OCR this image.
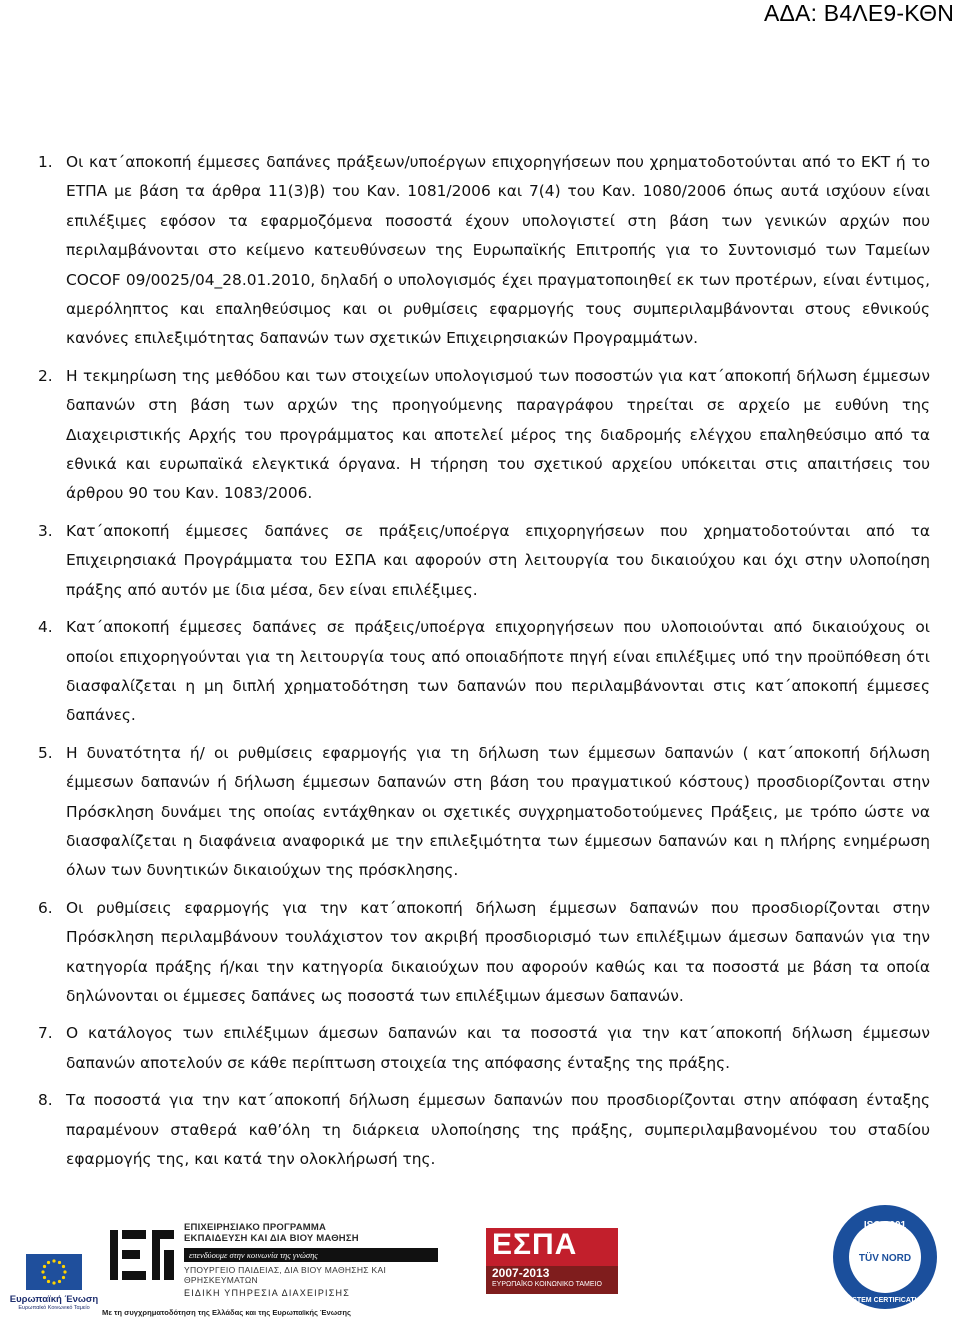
ΑΔΑ: Β4ΛΕ9-ΚΘΝ
1. Οι κατ΄αποκοπή έμμεσες δαπάνες πράξεων/υποέργων επιχορηγήσεων που χρηματοδοτούνται από το ΕΚΤ ή το ΕΤΠΑ με βάση τα άρθρα 11(3)β) του Καν. 1081/2006 και 7(4) του Καν. 1080/2006 όπως αυτά ισχύουν είναι επιλέξιμες εφόσον τα εφαρμοζόμενα ποσοστά έχουν υπολογιστεί στη βάση των γενικών αρχών που περιλαμβάνονται στο κείμενο κατευθύνσεων της Ευρωπαϊκής Επιτροπής για το Συντονισμό των Ταμείων COCOF 09/0025/04_28.01.2010, δηλαδή ο υπολογισμός έχει πραγματοποιηθεί εκ των προτέρων, είναι έντιμος, αμερόληπτος και επαληθεύσιμος και οι ρυθμίσεις εφαρμογής τους συμπεριλαμβάνονται στους εθνικούς κανόνες επιλεξιμότητας δαπανών των σχετικών Επιχειρησιακών Προγραμμάτων.
2. Η τεκμηρίωση της μεθόδου και των στοιχείων υπολογισμού των ποσοστών για κατ΄αποκοπή δήλωση έμμεσων δαπανών στη βάση των αρχών της προηγούμενης παραγράφου τηρείται σε αρχείο με ευθύνη της Διαχειριστικής Αρχής του προγράμματος και αποτελεί μέρος της διαδρομής ελέγχου επαληθεύσιμο από τα εθνικά και ευρωπαϊκά ελεγκτικά όργανα. Η τήρηση του σχετικού αρχείου υπόκειται στις απαιτήσεις του άρθρου 90 του Καν. 1083/2006.
3. Κατ΄αποκοπή έμμεσες δαπάνες σε πράξεις/υποέργα επιχορηγήσεων που χρηματοδοτούνται από τα Επιχειρησιακά Προγράμματα του ΕΣΠΑ και αφορούν στη λειτουργία του δικαιούχου και όχι στην υλοποίηση πράξης από αυτόν με ίδια μέσα, δεν είναι επιλέξιμες.
4. Κατ΄αποκοπή έμμεσες δαπάνες σε πράξεις/υποέργα επιχορηγήσεων που υλοποιούνται από δικαιούχους οι οποίοι επιχορηγούνται για τη λειτουργία τους από οποιαδήποτε πηγή είναι επιλέξιμες υπό την προϋπόθεση ότι διασφαλίζεται η μη διπλή χρηματοδότηση των δαπανών που περιλαμβάνονται στις κατ΄αποκοπή έμμεσες δαπάνες.
5. Η δυνατότητα ή/ οι ρυθμίσεις εφαρμογής για τη δήλωση των έμμεσων δαπανών ( κατ΄αποκοπή δήλωση έμμεσων δαπανών ή δήλωση έμμεσων δαπανών στη βάση του πραγματικού κόστους) προσδιορίζονται στην Πρόσκληση δυνάμει της οποίας εντάχθηκαν οι σχετικές συγχρηματοδοτούμενες Πράξεις, με τρόπο ώστε να διασφαλίζεται η διαφάνεια αναφορικά με την επιλεξιμότητα των έμμεσων δαπανών και η πλήρης ενημέρωση όλων των δυνητικών δικαιούχων της πρόσκλησης.
6. Οι ρυθμίσεις εφαρμογής για την κατ΄αποκοπή δήλωση έμμεσων δαπανών που προσδιορίζονται στην Πρόσκληση περιλαμβάνουν τουλάχιστον τον ακριβή προσδιορισμό των επιλέξιμων άμεσων δαπανών για την κατηγορία πράξης ή/και την κατηγορία δικαιούχων που αφορούν καθώς και τα ποσοστά με βάση τα οποία δηλώνονται οι έμμεσες δαπάνες ως ποσοστά των επιλέξιμων άμεσων δαπανών.
7. Ο κατάλογος των επιλέξιμων άμεσων δαπανών και τα ποσοστά για την κατ΄αποκοπή δήλωση έμμεσων δαπανών αποτελούν σε κάθε περίπτωση στοιχεία της απόφασης ένταξης της πράξης.
8. Τα ποσοστά για την κατ΄αποκοπή δήλωση έμμεσων δαπανών που προσδιορίζονται στην απόφαση ένταξης παραμένουν σταθερά καθ’όλη τη διάρκεια υλοποίησης της πράξης, συμπεριλαμβανομένου του σταδίου εφαρμογής της, και κατά την ολοκλήρωσή της.
Ευρωπαϊκή Ένωση
Ευρωπαϊκό Κοινωνικό Ταμείο
ΕΠΙΧΕΙΡΗΣΙΑΚΟ ΠΡΟΓΡΑΜΜΑ
ΕΚΠΑΙΔΕΥΣΗ ΚΑΙ ΔΙΑ ΒΙΟΥ ΜΑΘΗΣΗ
επενδύουμε στην κοινωνία της γνώσης
ΥΠΟΥΡΓΕΙΟ ΠΑΙΔΕΙΑΣ, ΔΙΑ ΒΙΟΥ ΜΑΘΗΣΗΣ ΚΑΙ ΘΡΗΣΚΕΥΜΑΤΩΝ
ΕΙΔΙΚΗ ΥΠΗΡΕΣΙΑ ΔΙΑΧΕΙΡΙΣΗΣ
Με τη συγχρηματοδότηση της Ελλάδας και της Ευρωπαϊκής Ένωσης
ΕΣΠΑ
2007-2013
ΕΥΡΩΠΑΪΚΟ ΚΟΙΝΩΝΙΚΟ ΤΑΜΕΙΟ
ISO 9001
TÜV NORD
SYSTEM CERTIFICATION
